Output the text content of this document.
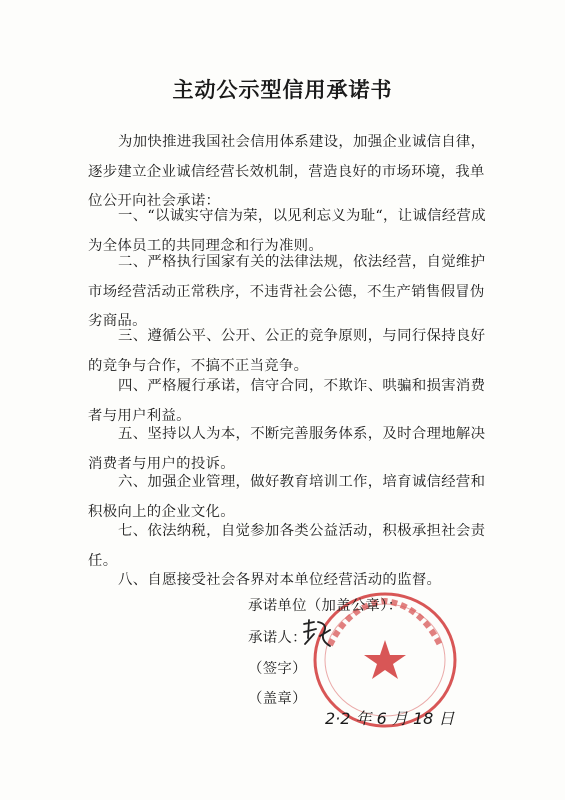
主动公示型信用承诺书

为加快推进我国社会信用体系建设，加强企业诚信自律，逐步建立企业诚信经营长效机制，营造良好的市场环境，我单位公开向社会承诺：

一、“以诚实守信为荣，以见利忘义为耻“，让诚信经营成为全体员工的共同理念和行为准则。

二、严格执行国家有关的法律法规，依法经营，自觉维护市场经营活动正常秩序，不违背社会公德，不生产销售假冒伪劣商品。

三、遵循公平、公开、公正的竞争原则，与同行保持良好的竞争与合作，不搞不正当竞争。

四、严格履行承诺，信守合同，不欺诈、哄骗和损害消费者与用户利益。

五、坚持以人为本，不断完善服务体系，及时合理地解决消费者与用户的投诉。

六、加强企业管理，做好教育培训工作，培育诚信经营和积极向上的企业文化。

七、依法纳税，自觉参加各类公益活动，积极承担社会责任。

八、自愿接受社会各界对本单位经营活动的监督。

承诺单位（加盖公章）：
承诺人：
（签字）
（盖章）
2·2 年 6 月 18 日
